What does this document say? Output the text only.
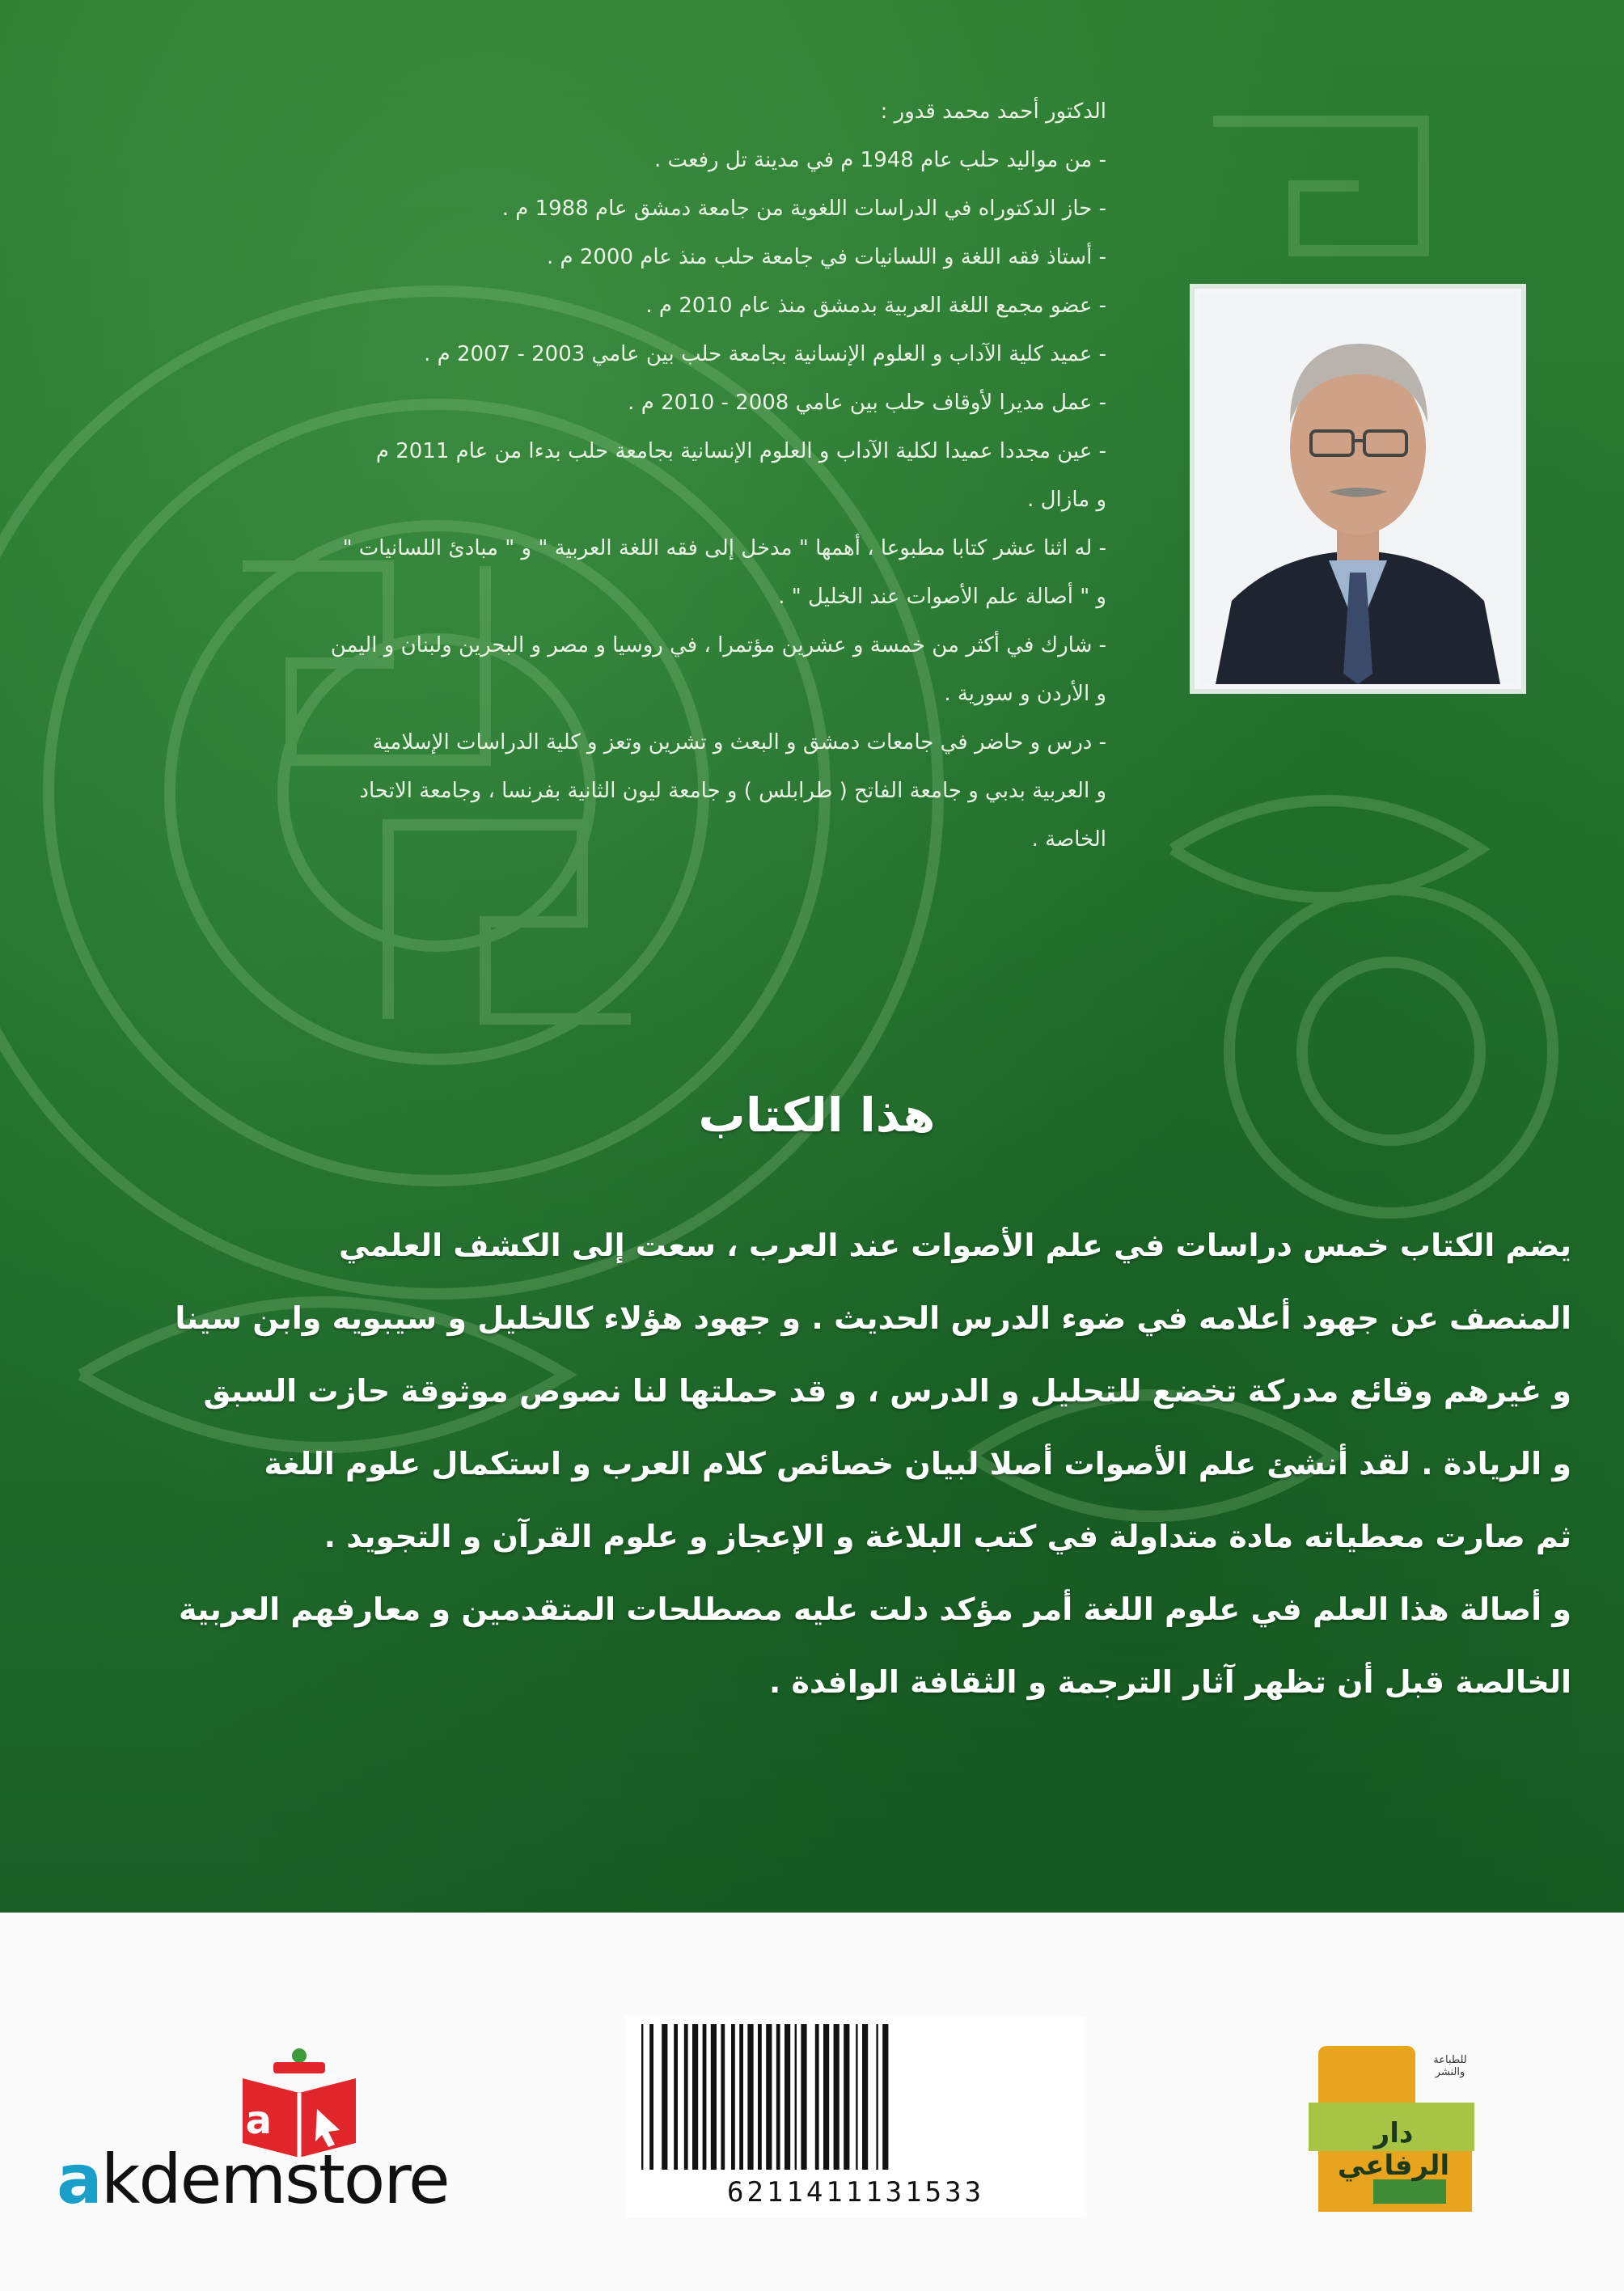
الدكتور أحمد محمد قدور :
- من مواليد حلب عام 1948 م في مدينة تل رفعت .
- حاز الدكتوراه في الدراسات اللغوية من جامعة دمشق عام 1988 م .
- أستاذ فقه اللغة و اللسانيات في جامعة حلب منذ عام 2000 م .
- عضو مجمع اللغة العربية بدمشق منذ عام 2010 م .
- عميد كلية الآداب و العلوم الإنسانية بجامعة حلب بين عامي 2003 - 2007 م .
- عمل مديرا لأوقاف حلب بين عامي 2008 - 2010 م .
- عين مجددا عميدا لكلية الآداب و العلوم الإنسانية بجامعة حلب بدءا من عام 2011 م
و مازال .
- له اثنا عشر كتابا مطبوعا ، أهمها " مدخل إلى فقه اللغة العربية " و " مبادئ اللسانيات "
و " أصالة علم الأصوات عند الخليل " .
- شارك في أكثر من خمسة و عشرين مؤتمرا ، في روسيا و مصر و البحرين ولبنان و اليمن
و الأردن و سورية .
- درس و حاضر في جامعات دمشق و البعث و تشرين وتعز و كلية الدراسات الإسلامية
و العربية بدبي و جامعة الفاتح ( طرابلس ) و جامعة ليون الثانية بفرنسا ، وجامعة الاتحاد
الخاصة .
هذا الكتاب

يضم الكتاب خمس دراسات في علم الأصوات عند العرب ، سعت إلى الكشف العلمي
المنصف عن جهود أعلامه في ضوء الدرس الحديث . و جهود هؤلاء كالخليل و سيبويه وابن سينا
و غيرهم وقائع مدركة تخضع للتحليل و الدرس ، و قد حملتها لنا نصوص موثوقة حازت السبق
و الريادة . لقد أنشئ علم الأصوات أصلا لبيان خصائص كلام العرب و استكمال علوم اللغة
ثم صارت معطياته مادة متداولة في كتب البلاغة و الإعجاز و علوم القرآن و التجويد .
و أصالة هذا العلم في علوم اللغة أمر مؤكد دلت عليه مصطلحات المتقدمين و معارفهم العربية
الخالصة قبل أن تظهر آثار الترجمة و الثقافة الوافدة .

a
akdemstore	6211411131533
دار الرفاعي
للطباعة والنشر
